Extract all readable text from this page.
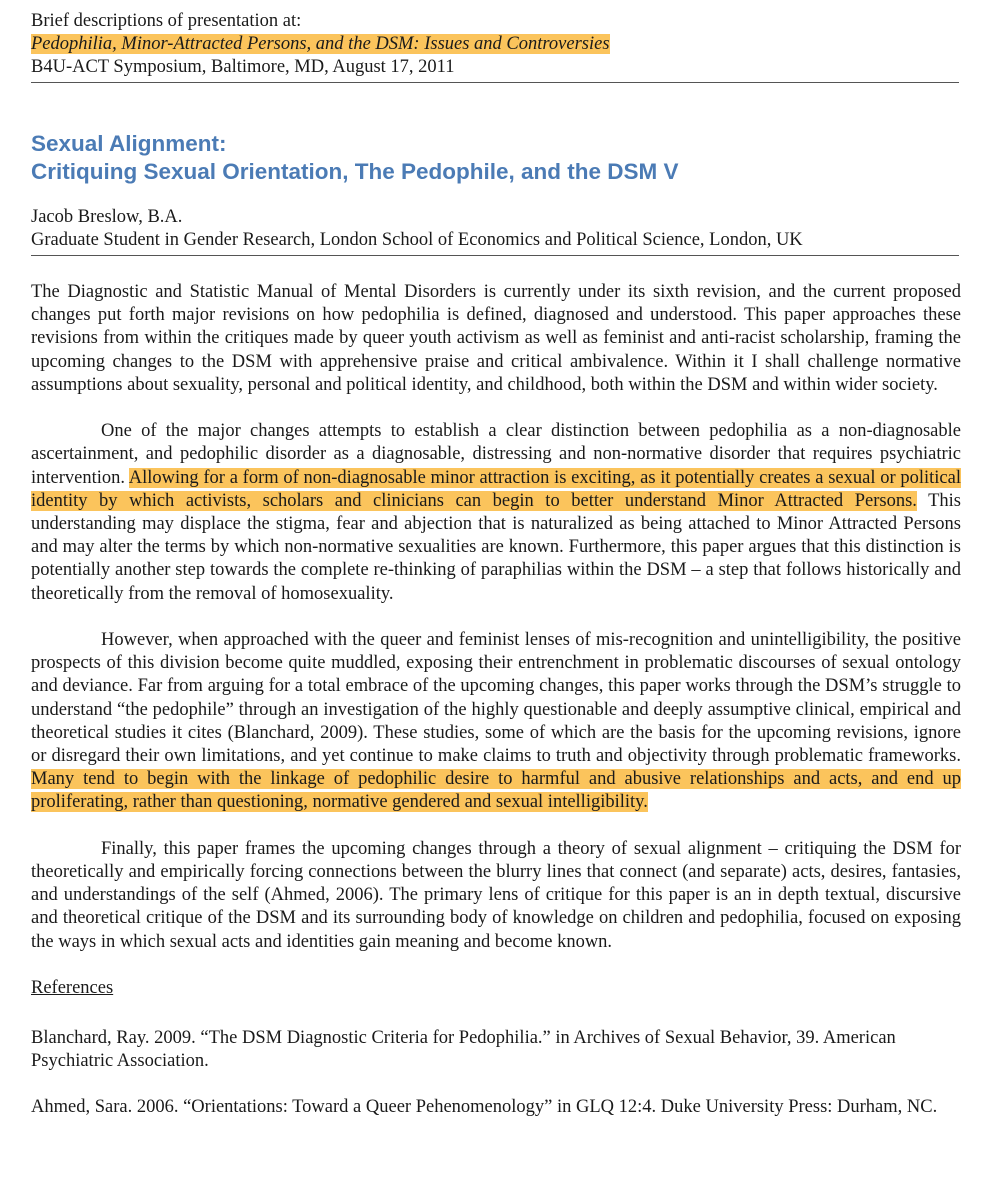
Brief descriptions of presentation at:
Pedophilia, Minor-Attracted Persons, and the DSM: Issues and Controversies
B4U-ACT Symposium, Baltimore, MD, August 17, 2011
Sexual Alignment:
Critiquing Sexual Orientation, The Pedophile, and the DSM V
Jacob Breslow, B.A.
Graduate Student in Gender Research, London School of Economics and Political Science, London, UK

The Diagnostic and Statistic Manual of Mental Disorders is currently under its sixth revision, and the current proposed changes put forth major revisions on how pedophilia is defined, diagnosed and understood. This paper approaches these revisions from within the critiques made by queer youth activism as well as feminist and anti-racist scholarship, framing the upcoming changes to the DSM with apprehensive praise and critical ambivalence. Within it I shall challenge normative assumptions about sexuality, personal and political identity, and childhood, both within the DSM and within wider society.

One of the major changes attempts to establish a clear distinction between pedophilia as a non-diagnosable ascertainment, and pedophilic disorder as a diagnosable, distressing and non-normative disorder that requires psychiatric intervention. Allowing for a form of non-diagnosable minor attraction is exciting, as it potentially creates a sexual or political identity by which activists, scholars and clinicians can begin to better understand Minor Attracted Persons. This understanding may displace the stigma, fear and abjection that is naturalized as being attached to Minor Attracted Persons and may alter the terms by which non-normative sexualities are known. Furthermore, this paper argues that this distinction is potentially another step towards the complete re-thinking of paraphilias within the DSM – a step that follows historically and theoretically from the removal of homosexuality.

However, when approached with the queer and feminist lenses of mis-recognition and unintelligibility, the positive prospects of this division become quite muddled, exposing their entrenchment in problematic discourses of sexual ontology and deviance. Far from arguing for a total embrace of the upcoming changes, this paper works through the DSM’s struggle to understand “the pedophile” through an investigation of the highly questionable and deeply assumptive clinical, empirical and theoretical studies it cites (Blanchard, 2009). These studies, some of which are the basis for the upcoming revisions, ignore or disregard their own limitations, and yet continue to make claims to truth and objectivity through problematic frameworks. Many tend to begin with the linkage of pedophilic desire to harmful and abusive relationships and acts, and end up proliferating, rather than questioning, normative gendered and sexual intelligibility.

Finally, this paper frames the upcoming changes through a theory of sexual alignment – critiquing the DSM for theoretically and empirically forcing connections between the blurry lines that connect (and separate) acts, desires, fantasies, and understandings of the self (Ahmed, 2006). The primary lens of critique for this paper is an in depth textual, discursive and theoretical critique of the DSM and its surrounding body of knowledge on children and pedophilia, focused on exposing the ways in which sexual acts and identities gain meaning and become known.

References
Blanchard, Ray. 2009. “The DSM Diagnostic Criteria for Pedophilia.” in Archives of Sexual Behavior, 39. American Psychiatric Association.
Ahmed, Sara. 2006. “Orientations: Toward a Queer Pehenomenology” in GLQ 12:4. Duke University Press: Durham, NC.
